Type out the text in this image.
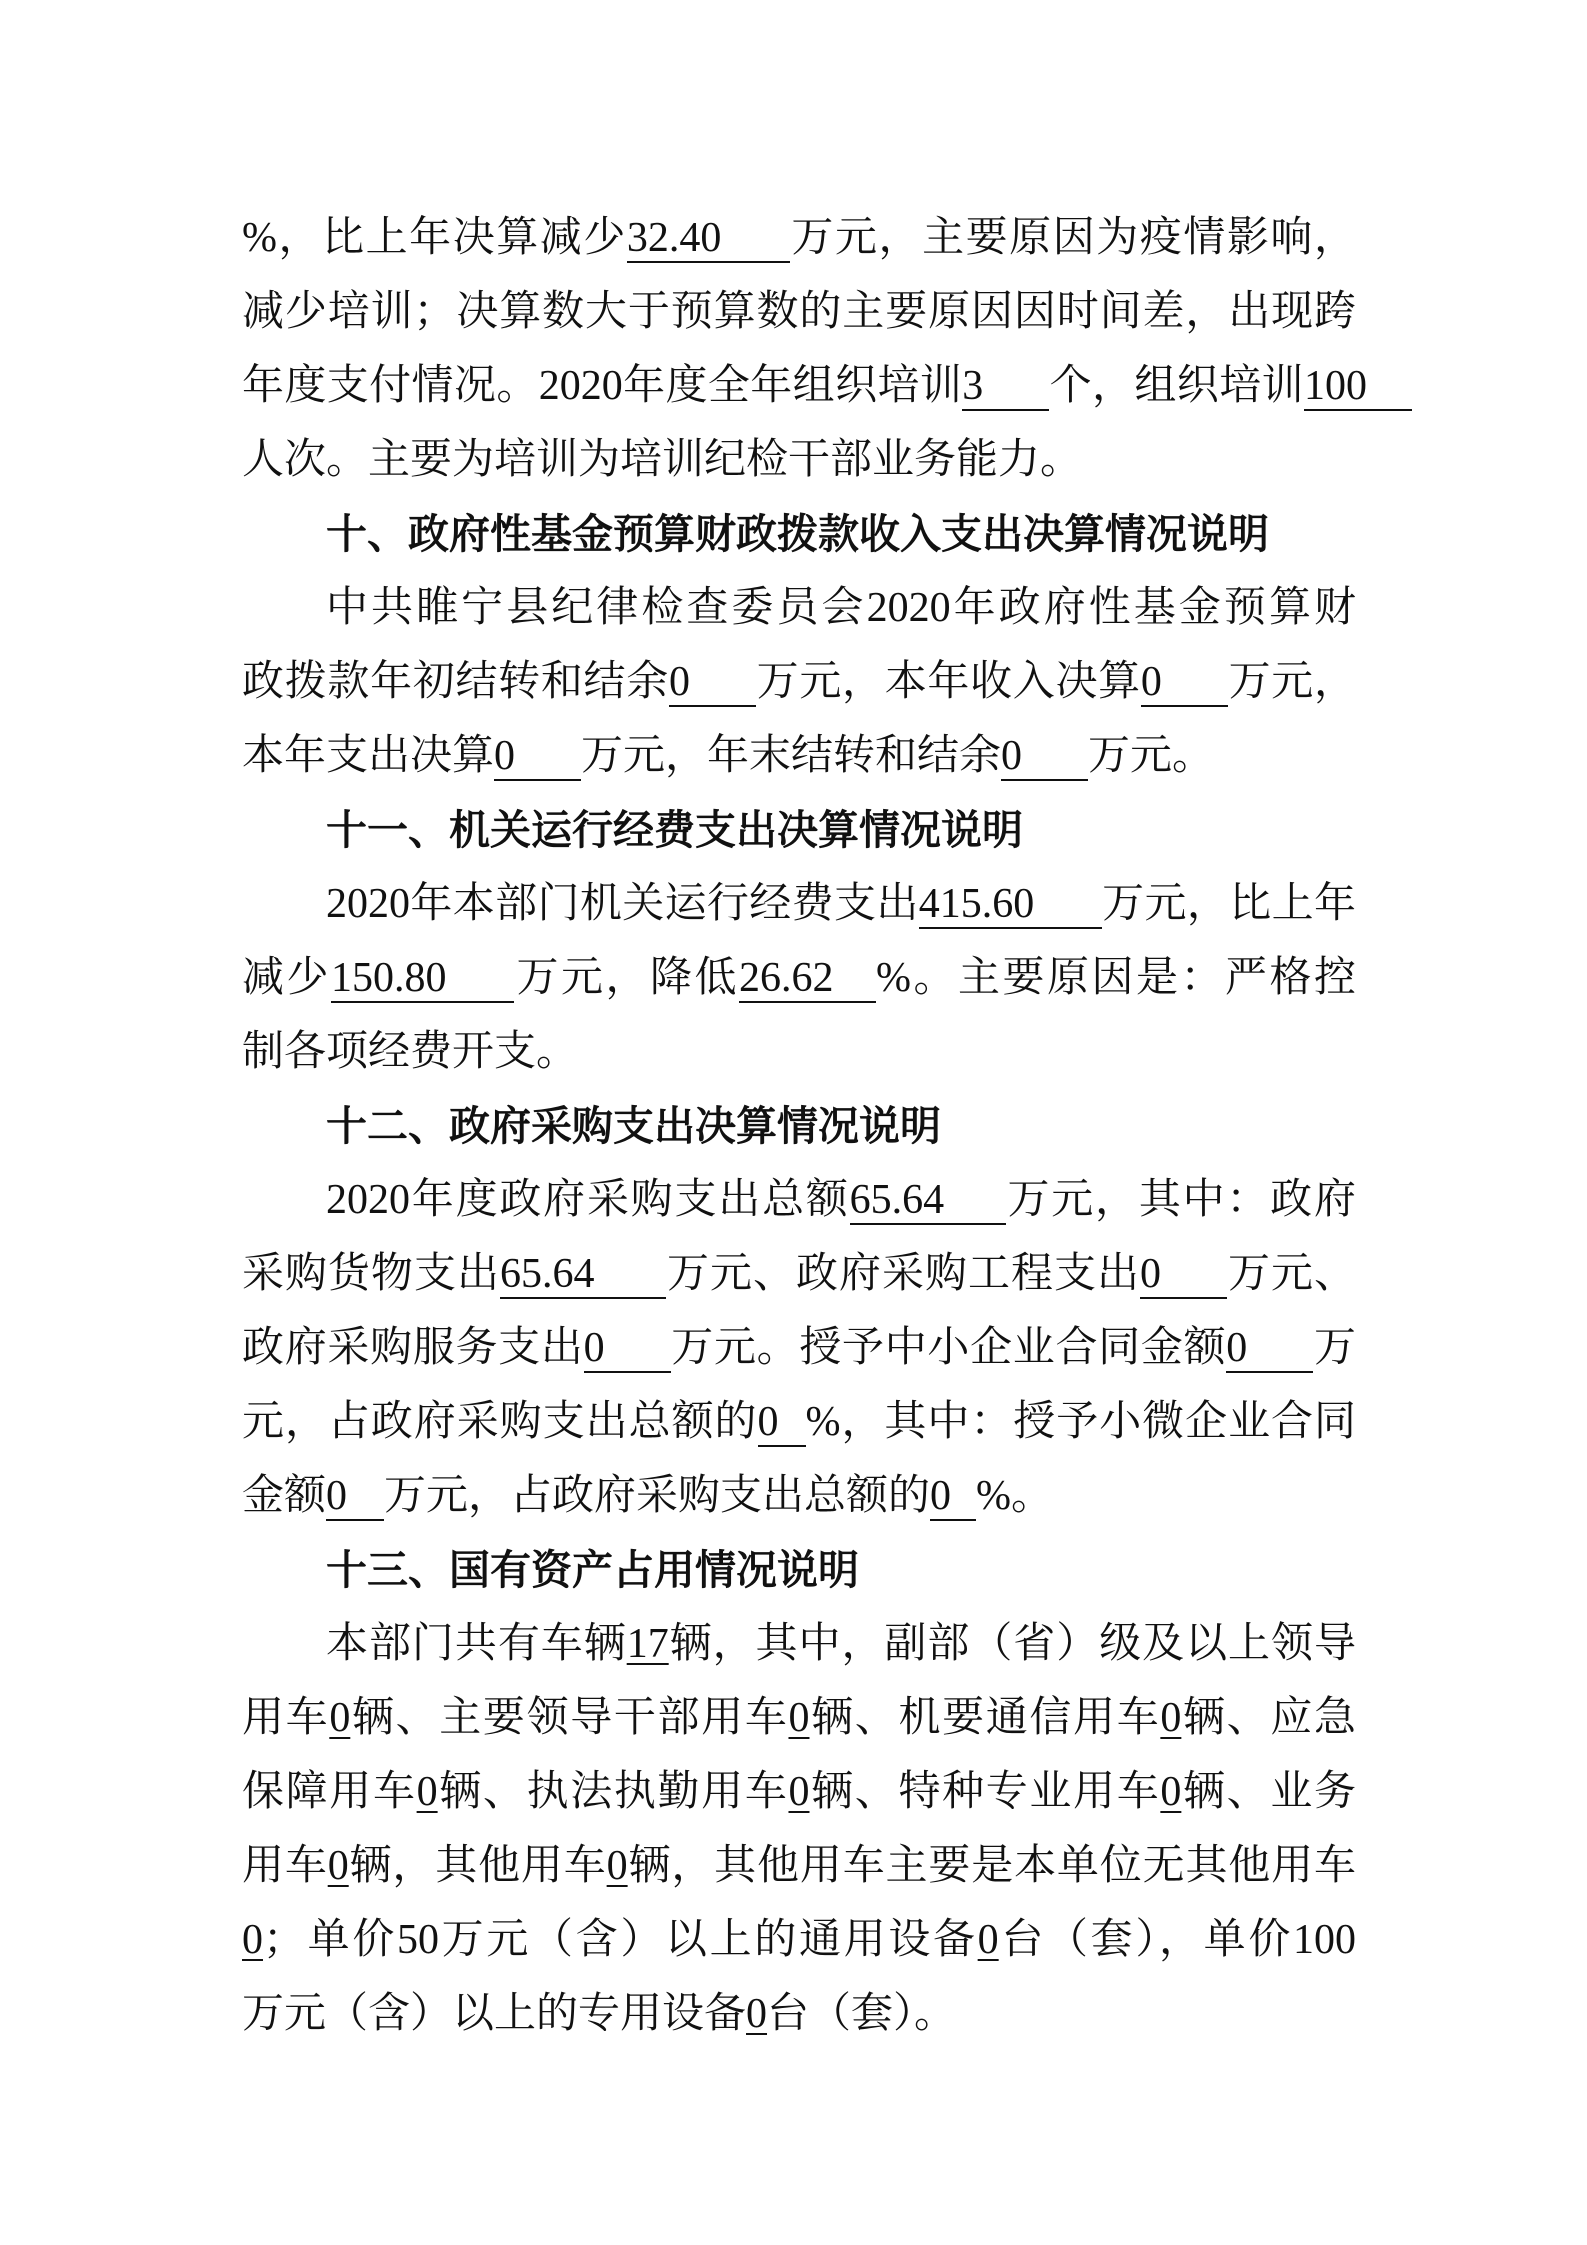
%，比上年决算减少32.40 万元，主要原因为疫情影响，
减少培训；决算数大于预算数的主要原因因时间差，出现跨
年度支付情况。2020年度全年组织培训3 个，组织培训100
人次。主要为培训为培训纪检干部业务能力。
十、政府性基金预算财政拨款收入支出决算情况说明
中共睢宁县纪律检查委员会2020年政府性基金预算财
政拨款年初结转和结余0 万元，本年收入决算0 万元，
本年支出决算0 万元，年末结转和结余0 万元。
十一、机关运行经费支出决算情况说明
2020年本部门机关运行经费支出415.60 万元，比上年
减少150.80 万元，降低26.62 %。主要原因是：严格控
制各项经费开支。
十二、政府采购支出决算情况说明
2020年度政府采购支出总额65.64 万元，其中：政府
采购货物支出65.64 万元、政府采购工程支出0 万元、
政府采购服务支出0 万元。授予中小企业合同金额0 万
元，占政府采购支出总额的0 %，其中：授予小微企业合同
金额0 万元，占政府采购支出总额的0 %。
十三、国有资产占用情况说明
本部门共有车辆17辆，其中，副部（省）级及以上领导
用车0辆、主要领导干部用车0辆、机要通信用车0辆、应急
保障用车0辆、执法执勤用车0辆、特种专业用车0辆、业务
用车0辆，其他用车0辆，其他用车主要是本单位无其他用车
0；单价50万元（含）以上的通用设备0台（套），单价100
万元（含）以上的专用设备0台（套）。
